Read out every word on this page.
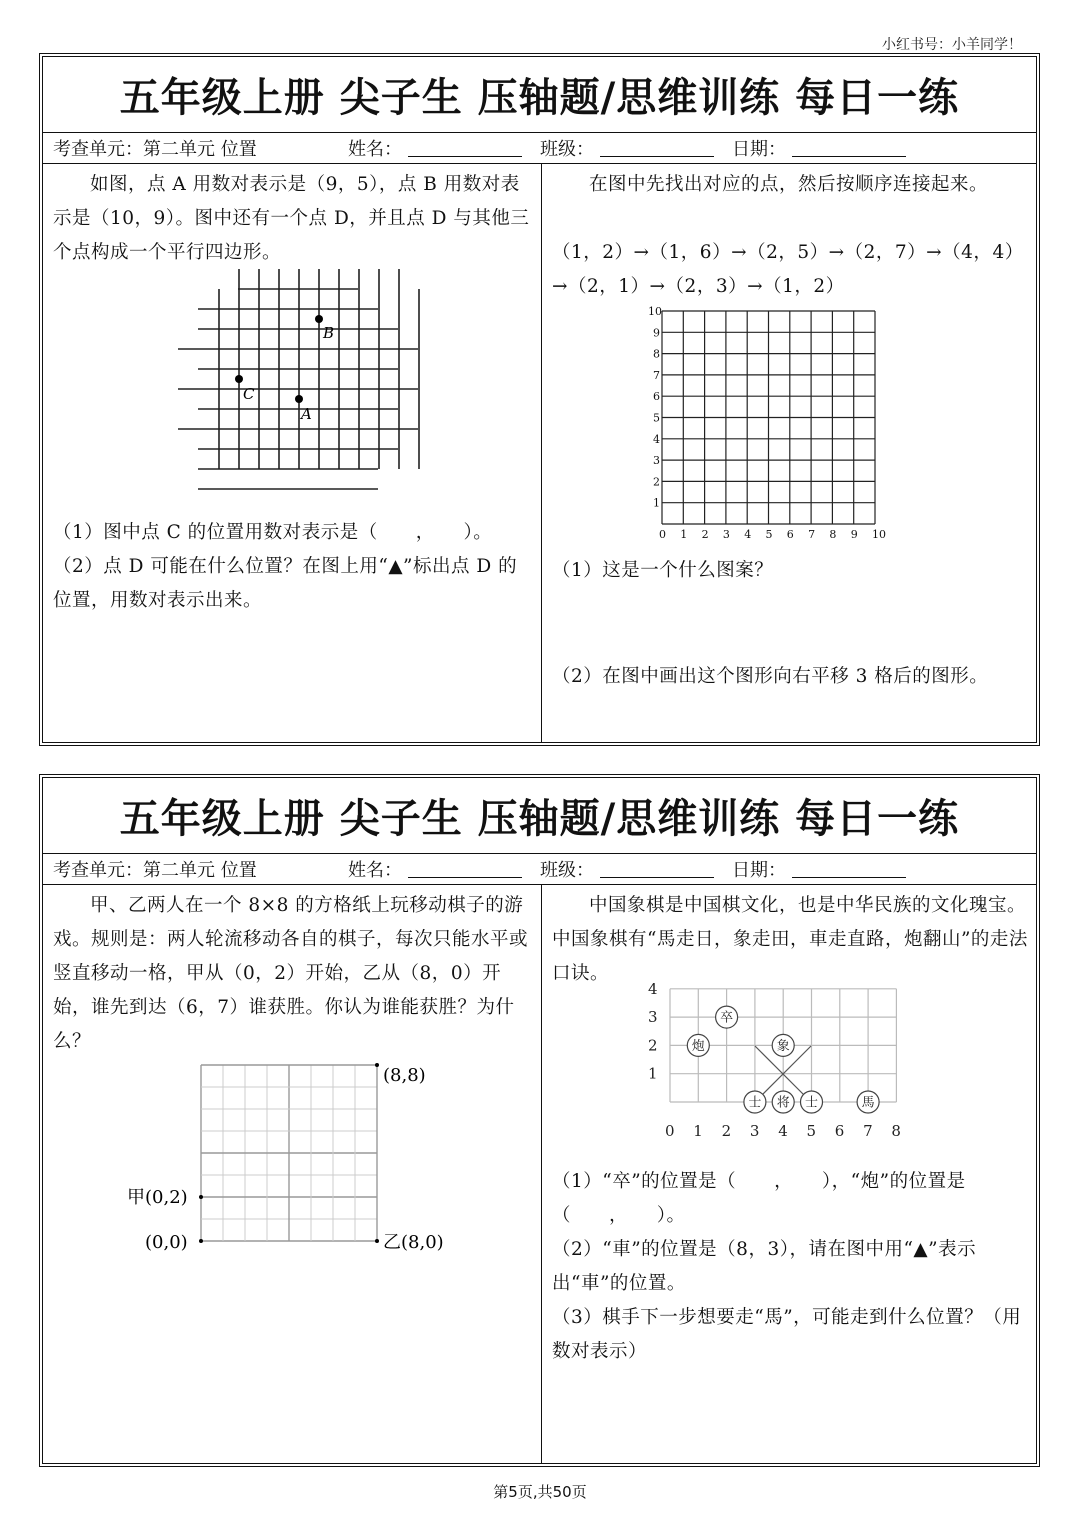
小红书号：小羊同学！
五年级上册 尖子生 压轴题/思维训练 每日一练
考查单元：第二单元 位置	姓名：	班级：	日期：
如图，点 A 用数对表示是（9，5），点 B 用数对表示是（10，9）。图中还有一个点 D，并且点 D 与其他三个点构成一个平行四边形。
B
C
A
（1）图中点 C 的位置用数对表示是（　　，　　）。
（2）点 D 可能在什么位置？在图上用“▲”标出点 D 的位置，用数对表示出来。
在图中先找出对应的点，然后按顺序连接起来。
（1，2）→（1，6）→（2，5）→（2，7）→（4，4）→（2，1）→（2，3）→（1，2）
0 1
1
2
2
3
3
4
4
5
5
6
6
7
7
8
8
9
9
10
10
（1）这是一个什么图案？
（2）在图中画出这个图形向右平移 3 格后的图形。
五年级上册 尖子生 压轴题/思维训练 每日一练
考查单元：第二单元 位置	姓名：	班级：	日期：
甲、乙两人在一个 8×8 的方格纸上玩移动棋子的游戏。规则是：两人轮流移动各自的棋子，每次只能水平或竖直移动一格，甲从（0，2）开始，乙从（8，0）开始，谁先到达（6，7）谁获胜。你认为谁能获胜？为什么？
(8,8)
甲(0,2)
(0,0)	乙(8,0)
中国象棋是中国棋文化，也是中华民族的文化瑰宝。中国象棋有“馬走日，象走田，車走直路，炮翻山”的走法口诀。
0 1 2 3 4 5 6 7 8
1
2
3
4
卒
炮	象
士 将 士	馬
（1）“卒”的位置是（　　，　　），“炮”的位置是（　　，　　）。
（2）“車”的位置是（8，3），请在图中用“▲”表示出“車”的位置。
（3）棋手下一步想要走“馬”，可能走到什么位置？（用数对表示）
第5页,共50页
